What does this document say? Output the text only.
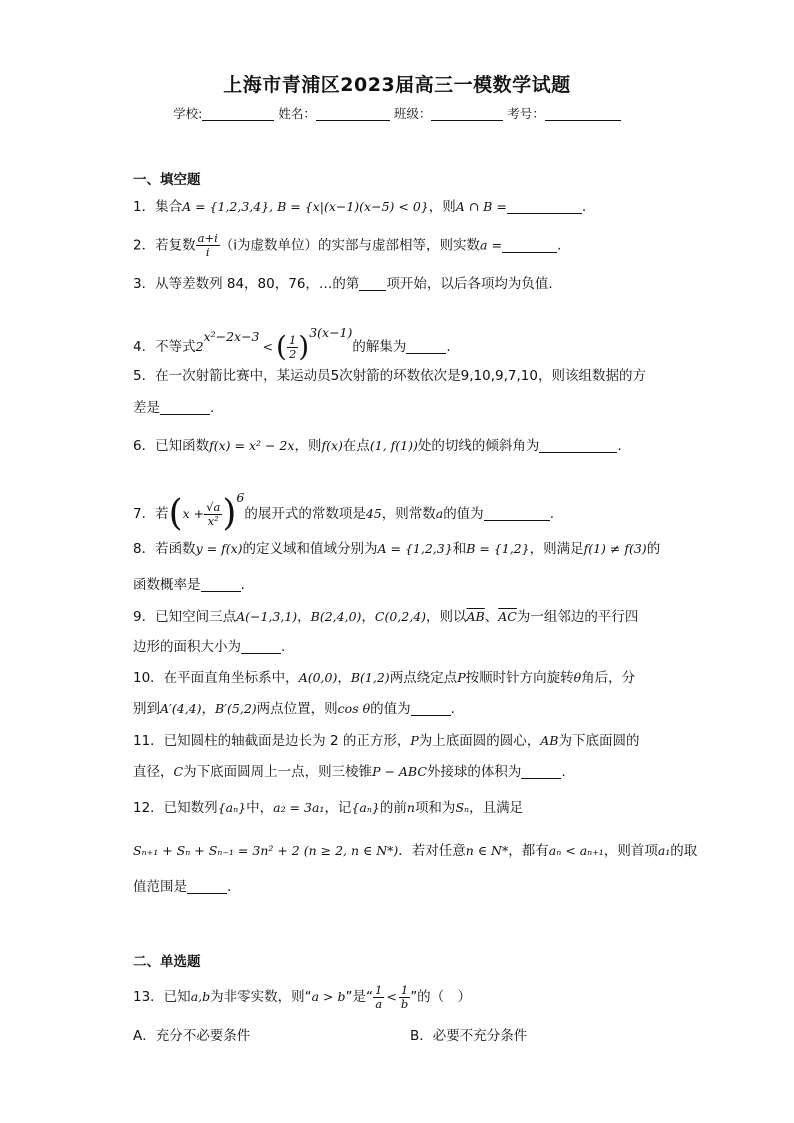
上海市青浦区2023届高三一模数学试题
学校:	姓名：	班级：	考号：
一、填空题
1．集合A = {1,2,3,4}, B = {x|(x−1)(x−5) < 0}，则A ∩ B =	.
2．若复数 $\frac{a+i}{i} (i$为虚数单位）的实部与虚部相等，则实数a =	.
3．从等差数列 84，80，76，…的第 项开始，以后各项均为负值.
4．不等式$2^{x^2-2x-3}<$ ( $\frac{1}{2} )^{3(x-1)}$的解集为	.
5．在一次射箭比赛中，某运动员5次射箭的环数依次是9,10,9,7,10，则该组数据的方
差是	.
6．已知函数f(x) = x² − 2x，则f(x)在点(1, f(1))处的切线的倾斜角为	.
7．若$(x + \frac{√a}{\text{x²}} )^6$的展开式的常数项是45，则常数a的值为	.
8．若函数y = f(x)的定义域和值域分别为A = {1,2,3}和B = {1,2}，则满足f(1) ≠ f(3)的
函数概率是	.
9．已知空间三点A(−1,3,1)，B(2,4,0)，C(0,2,4)，则以$\overline{AB}$、$\overline{AC}$为一组邻边的平行四
边形的面积大小为	.
10．在平面直角坐标系中，A(0,0)，B(1,2)两点绕定点P按顺时针方向旋转θ角后，分
别到A′(4,4)，B′(5,2)两点位置，则cos θ的值为	.
11．已知圆柱的轴截面是边长为 2 的正方形，P为上底面圆的圆心，AB为下底面圆的
直径，C为下底面圆周上一点，则三棱锥P − ABC外接球的体积为	.
12．已知数列{aₙ}中，a₂ = 3a₁，记{aₙ}的前n项和为Sₙ，且满足
Sₙ₊₁ + Sₙ + Sₙ₋₁ = 3n² + 2 (n ≥ 2, n ∈ N*)．若对任意n ∈ N*，都有aₙ < aₙ₊₁，则首项a₁的取
值范围是	.
二、单选题
13．已知a,b为非零实数，则“a > b”是“ $\frac{1}{a} < \frac{1}{b}$ ”的（　）
A．充分不必要条件	B．必要不充分条件
